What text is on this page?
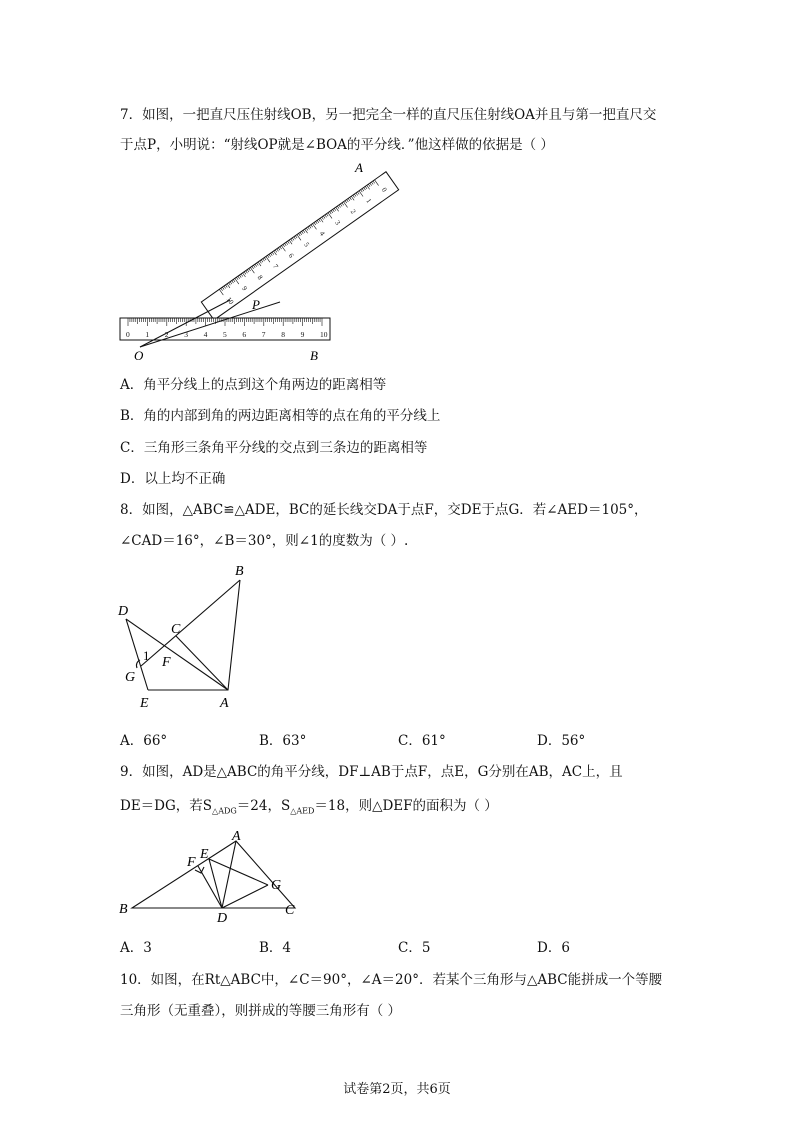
7．如图，一把直尺压住射线OB，另一把完全一样的直尺压住射线OA并且与第一把直尺交
于点P，小明说：“射线OP就是∠BOA的平分线．”他这样做的依据是（ ）
10
9
8
7
6
5
4
3
2
1
0
0 1 2 3 4 5 6 7 8 9 10
A
P
O	B
A．角平分线上的点到这个角两边的距离相等
B．角的内部到角的两边距离相等的点在角的平分线上
C．三角形三条角平分线的交点到三条边的距离相等
D．以上均不正确
8．如图，△ABC≌△ADE，BC的延长线交DA于点F，交DE于点G．若∠AED＝105°，
∠CAD＝16°，∠B＝30°，则∠1的度数为（ ）.
B
D
C
1 F
G
E	A
A．66°	B．63°	C．61°	D．56°
9．如图，AD是△ABC的角平分线，DF⊥AB于点F，点E，G分别在AB，AC上，且
DE＝DG，若$S_{\triangle ADG}=24$，$S_{\triangle AED}=18$，则△DEF的面积为（ ）
A
E
F
G
B
D
C
A．3	B．4	C．5	D．6
10．如图，在Rt△ABC中，∠C＝90°，∠A＝20°．若某个三角形与△ABC能拼成一个等腰
三角形（无重叠），则拼成的等腰三角形有（ ）
试卷第2页，共6页
